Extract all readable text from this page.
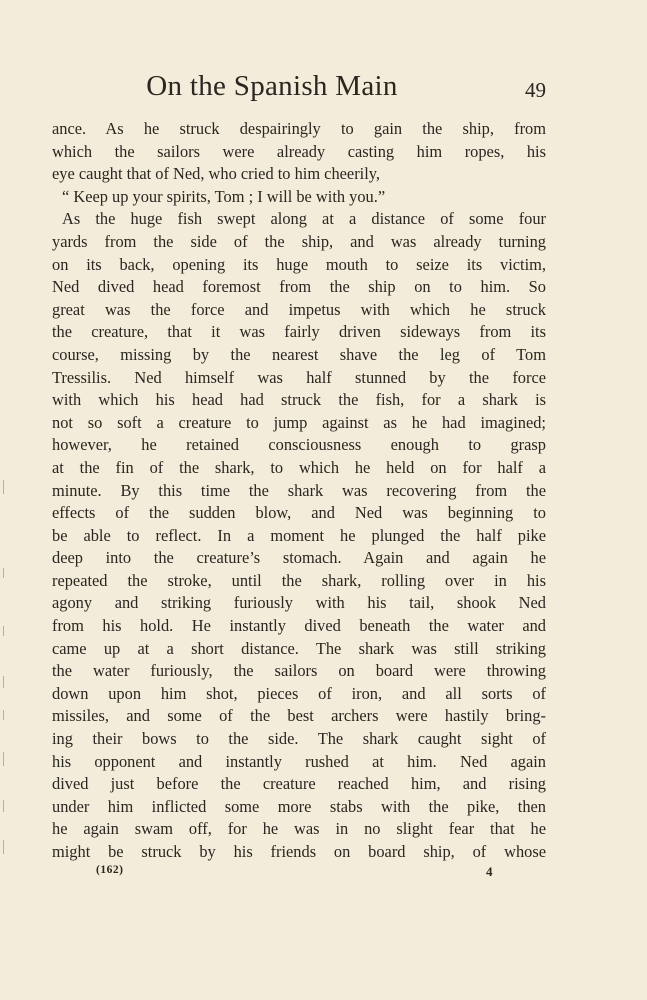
On the Spanish Main	49
ance. As he struck despairingly to gain the ship, from
which the sailors were already casting him ropes, his
eye caught that of Ned, who cried to him cheerily,
“ Keep up your spirits, Tom ; I will be with you.”
As the huge fish swept along at a distance of some four
yards from the side of the ship, and was already turning
on its back, opening its huge mouth to seize its victim,
Ned dived head foremost from the ship on to him. So
great was the force and impetus with which he struck
the creature, that it was fairly driven sideways from its
course, missing by the nearest shave the leg of Tom
Tressilis. Ned himself was half stunned by the force
with which his head had struck the fish, for a shark is
not so soft a creature to jump against as he had imagined;
however, he retained consciousness enough to grasp
at the fin of the shark, to which he held on for half a
minute. By this time the shark was recovering from the
effects of the sudden blow, and Ned was beginning to
be able to reflect. In a moment he plunged the half pike
deep into the creature’s stomach. Again and again he
repeated the stroke, until the shark, rolling over in his
agony and striking furiously with his tail, shook Ned
from his hold. He instantly dived beneath the water and
came up at a short distance. The shark was still striking
the water furiously, the sailors on board were throwing
down upon him shot, pieces of iron, and all sorts of
missiles, and some of the best archers were hastily bring-
ing their bows to the side. The shark caught sight of
his opponent and instantly rushed at him. Ned again
dived just before the creature reached him, and rising
under him inflicted some more stabs with the pike, then
he again swam off, for he was in no slight fear that he
might be struck by his friends on board ship, of whose
(162)	4
